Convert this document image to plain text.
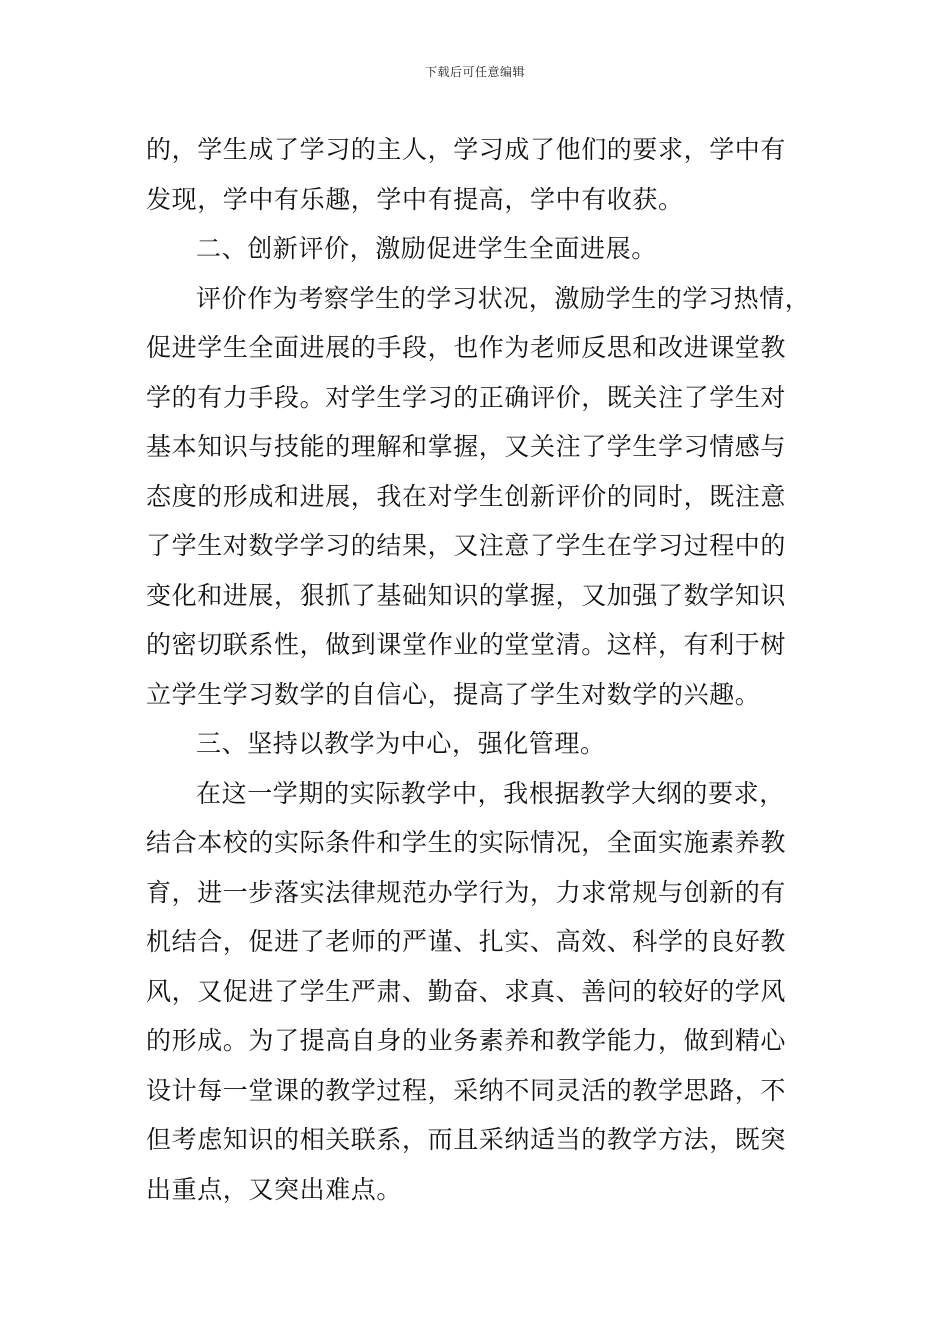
下载后可任意编辑
的，学生成了学习的主人，学习成了他们的要求，学中有
发现，学中有乐趣，学中有提高，学中有收获。
二、创新评价，激励促进学生全面进展。
评价作为考察学生的学习状况，激励学生的学习热情，
促进学生全面进展的手段，也作为老师反思和改进课堂教
学的有力手段。对学生学习的正确评价，既关注了学生对
基本知识与技能的理解和掌握，又关注了学生学习情感与
态度的形成和进展，我在对学生创新评价的同时，既注意
了学生对数学学习的结果，又注意了学生在学习过程中的
变化和进展，狠抓了基础知识的掌握，又加强了数学知识
的密切联系性，做到课堂作业的堂堂清。这样，有利于树
立学生学习数学的自信心，提高了学生对数学的兴趣。
三、坚持以教学为中心，强化管理。
在这一学期的实际教学中，我根据教学大纲的要求，
结合本校的实际条件和学生的实际情况，全面实施素养教
育，进一步落实法律规范办学行为，力求常规与创新的有
机结合，促进了老师的严谨、扎实、高效、科学的良好教
风，又促进了学生严肃、勤奋、求真、善问的较好的学风
的形成。为了提高自身的业务素养和教学能力，做到精心
设计每一堂课的教学过程，采纳不同灵活的教学思路，不
但考虑知识的相关联系，而且采纳适当的教学方法，既突
出重点，又突出难点。
